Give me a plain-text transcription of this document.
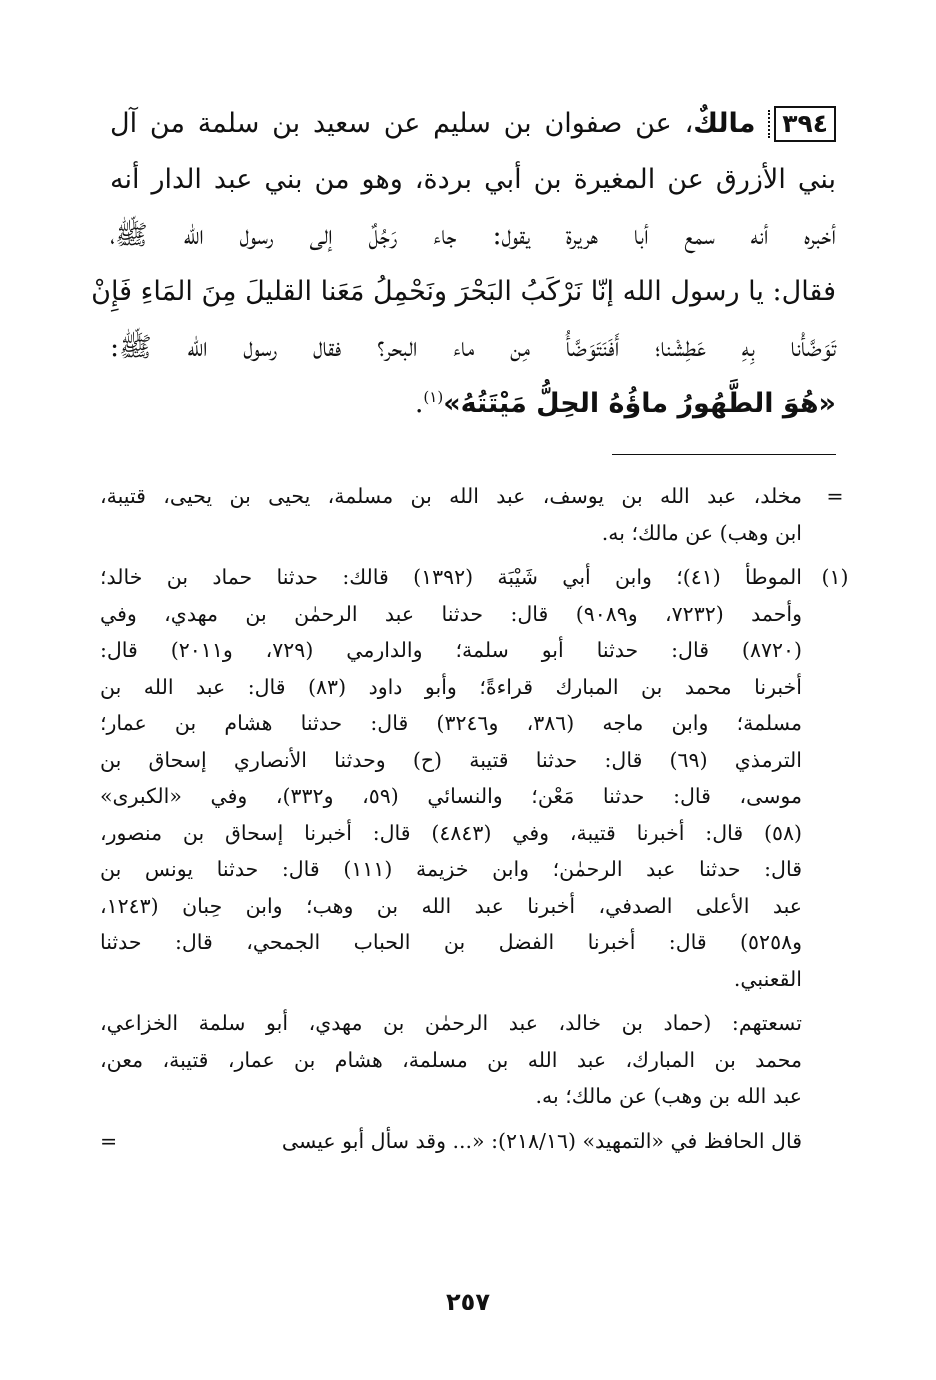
٣٩٤ مالكٌ، عن صفوان بن سليم عن سعيد بن سلمة من آل
بني الأزرق عن المغيرة بن أبي بردة، وهو من بني عبد الدار أنه
أخبره أنه سمع أبا هريرة يقول: جاء رَجُلٌ إلى رسول الله ﷺ،
فقال: يا رسول الله إنّا نَرْكَبُ البَحْرَ ونَحْمِلُ مَعَنا القليلَ مِنَ المَاءِ فَإِنْ
تَوَضَّأْنا بِهِ عَطِشْنا؛ أَفَنَتَوَضَّأُ مِن ماء البحر؟ فقال رسول الله ﷺ:
«هُوَ الطَّهُورُ ماؤُهُ الحِلُّ مَيْتَتُهُ»$^{(١)}$.
=
مخلد، عبد الله بن يوسف، عبد الله بن مسلمة، يحيى بن يحيى، قتيبة،
ابن وهب) عن مالك؛ به.
(١)
الموطأ (٤١)؛ وابن أبي شَيْبَة (١٣٩٢) قالك: حدثنا حماد بن خالد؛
وأحمد (٧٢٣٢، و٩٠٨٩) قال: حدثنا عبد الرحمٰن بن مهدي، وفي
(٨٧٢٠) قال: حدثنا أبو سلمة؛ والدارمي (٧٢٩، و٢٠١١) قال:
أخبرنا محمد بن المبارك قراءةً؛ وأبو داود (٨٣) قال: عبد الله بن
مسلمة؛ وابن ماجه (٣٨٦، و٣٢٤٦) قال: حدثنا هشام بن عمار؛
الترمذي (٦٩) قال: حدثنا قتيبة (ح) وحدثنا الأنصاري إسحاق بن
موسى، قال: حدثنا مَعْن؛ والنسائي (٥٩، و٣٣٢)، وفي «الكبرى»
(٥٨) قال: أخبرنا قتيبة، وفي (٤٨٤٣) قال: أخبرنا إسحاق بن منصور،
قال: حدثنا عبد الرحمٰن؛ وابن خزيمة (١١١) قال: حدثنا يونس بن
عبد الأعلى الصدفي، أخبرنا عبد الله بن وهب؛ وابن حِبان (١٢٤٣،
و٥٢٥٨) قال: أخبرنا الفضل بن الحباب الجمحي، قال: حدثنا
القعنبي.
تسعتهم: (حماد بن خالد، عبد الرحمٰن بن مهدي، أبو سلمة الخزاعي،
محمد بن المبارك، عبد الله بن مسلمة، هشام بن عمار، قتيبة، معن،
عبد الله بن وهب) عن مالك؛ به.
قال الحافظ في «التمهيد» (٢١٨/١٦): «... وقد سأل أبو عيسى
=
٢٥٧
